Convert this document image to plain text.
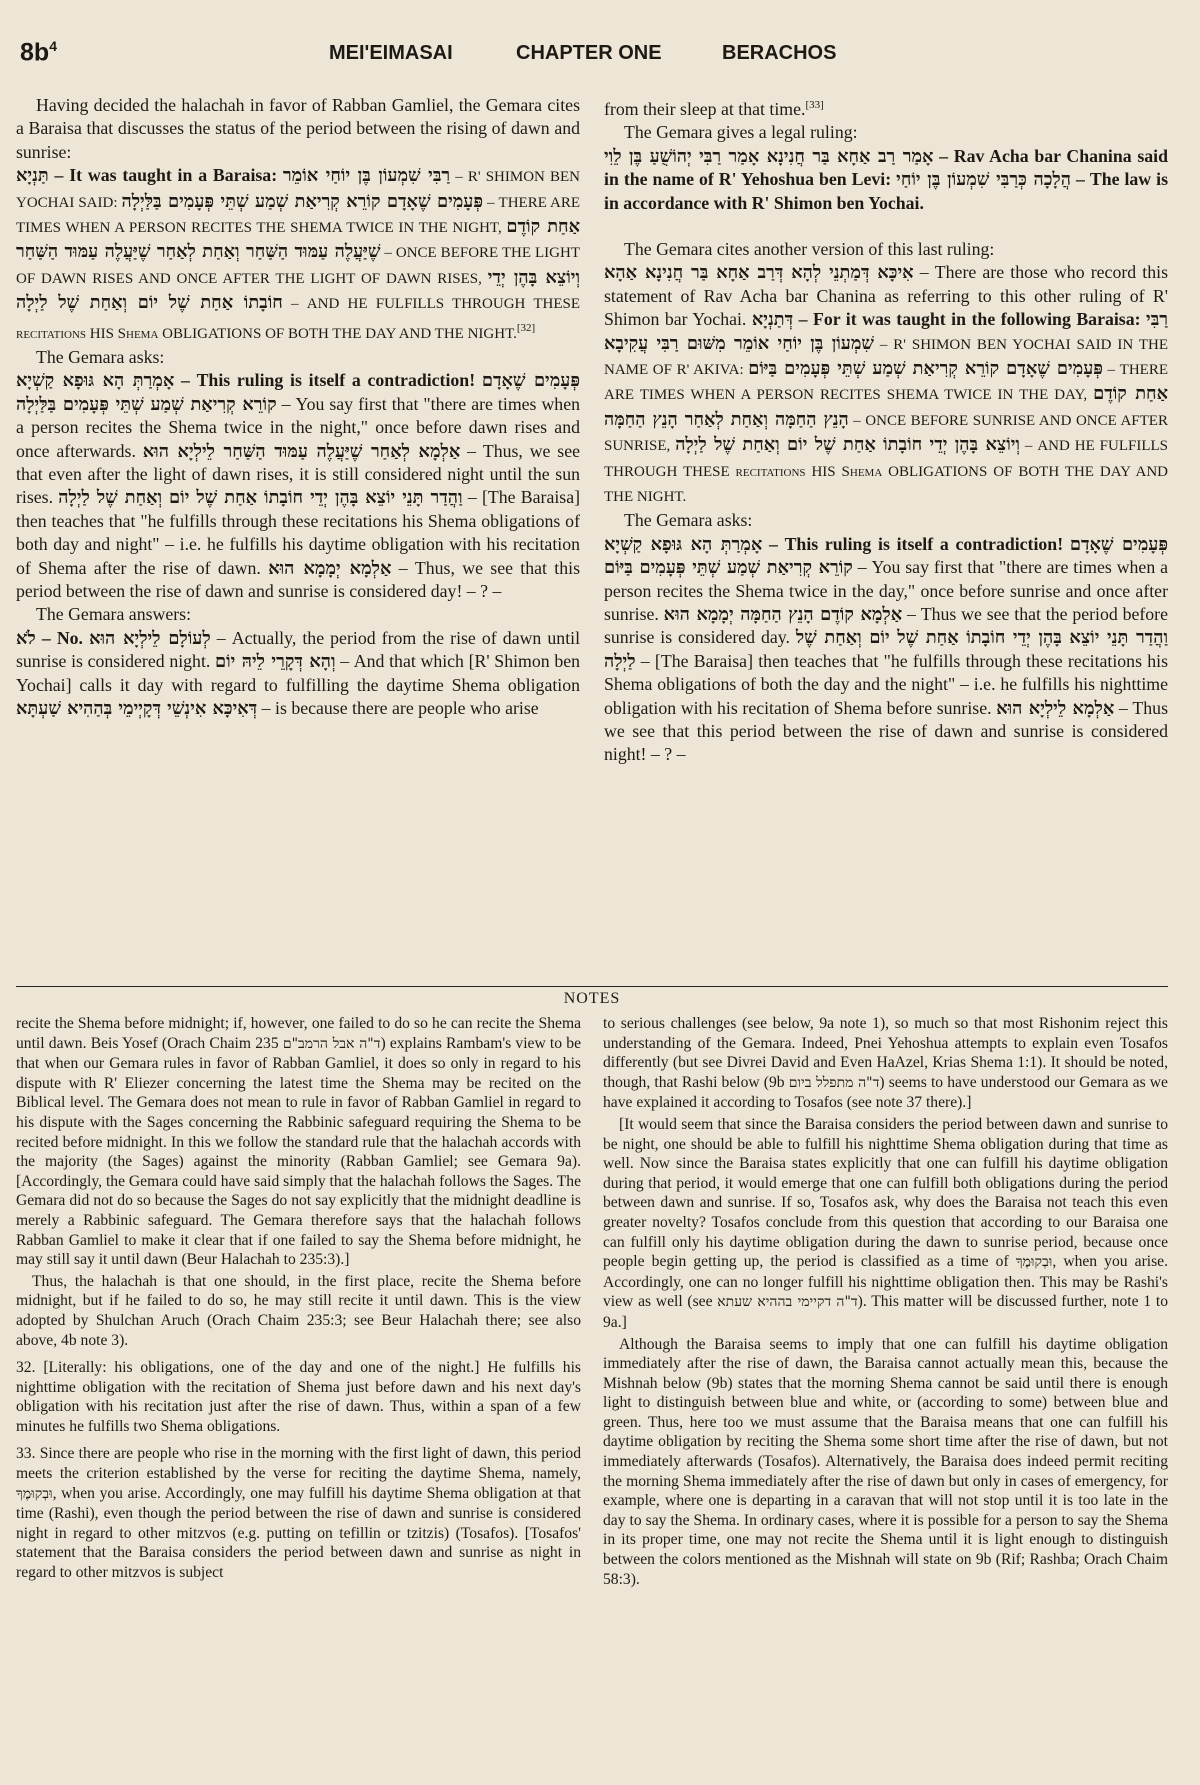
$8b^4$	MEI'EIMASAI	CHAPTER ONE	BERACHOS

Having decided the halachah in favor of Rabban Gamliel, the Gemara cites a Baraisa that discusses the status of the period between the rising of dawn and sunrise:

תַּנְיָא – It was taught in a Baraisa: רַבִּי שִׁמְעוֹן בֶּן יוֹחַי אוֹמֵר – R' SHIMON BEN YOCHAI SAID: פְּעָמִים שֶׁאָדָם קוֹרֵא קְרִיאַת שְׁמַע שְׁתֵּי פְּעָמִים בַּלַּיְלָה – THERE ARE TIMES WHEN A PERSON RECITES THE SHEMA TWICE IN THE NIGHT, אַחַת קוֹדֶם שֶׁיַּעֲלֶה עַמּוּד הַשַּׁחַר וְאַחַת לְאַחַר שֶׁיַּעֲלֶה עַמּוּד הַשַּׁחַר – ONCE BEFORE THE LIGHT OF DAWN RISES AND ONCE AFTER THE LIGHT OF DAWN RISES, וְיוֹצֵא בָּהֶן יְדֵי חוֹבָתוֹ אַחַת שֶׁל יוֹם וְאַחַת שֶׁל לַיְלָה – AND HE FULFILLS THROUGH THESE recitations HIS Shema OBLIGATIONS OF BOTH THE DAY AND THE NIGHT.[32]

The Gemara asks:

אָמְרַתְּ הָא גּוּפָא קַשְׁיָא – This ruling is itself a contradiction! פְּעָמִים שֶׁאָדָם קוֹרֵא קְרִיאַת שְׁמַע שְׁתֵּי פְּעָמִים בַּלַּיְלָה – You say first that "there are times when a person recites the Shema twice in the night," once before dawn rises and once afterwards. אַלְמָא לְאַחַר שֶׁיַּעֲלֶה עַמּוּד הַשַּׁחַר לֵילְיָא הוּא – Thus, we see that even after the light of dawn rises, it is still considered night until the sun rises. וַהֲדַר תָּנֵי יוֹצֵא בָּהֶן יְדֵי חוֹבָתוֹ אַחַת שֶׁל יוֹם וְאַחַת שֶׁל לַיְלָה – [The Baraisa] then teaches that "he fulfills through these recitations his Shema obligations of both day and night" – i.e. he fulfills his daytime obligation with his recitation of Shema after the rise of dawn. אַלְמָא יְמָמָא הוּא – Thus, we see that this period between the rise of dawn and sunrise is considered day! – ? –

The Gemara answers:

לֹא – No. לְעוֹלָם לֵילְיָא הוּא – Actually, the period from the rise of dawn until sunrise is considered night. וְהָא דְּקָרֵי לֵיהּ יוֹם – And that which [R' Shimon ben Yochai] calls it day with regard to fulfilling the daytime Shema obligation דְּאִיכָּא אִינְשֵׁי דְּקָיְימֵי בְּהַהִיא שַׁעְתָּא – is because there are people who arise

from their sleep at that time.[33]

The Gemara gives a legal ruling:

אָמַר רַב אַחָא בַּר חֲנִינָא אָמַר רַבִּי יְהוֹשֻׁעַ בֶּן לֵוִי – Rav Acha bar Chanina said in the name of R' Yehoshua ben Levi: הֲלָכָה כְּרַבִּי שִׁמְעוֹן בֶּן יוֹחַי – The law is in accordance with R' Shimon ben Yochai.

The Gemara cites another version of this last ruling:

אִיכָּא דְּמַתְנֵי לְהָא דְּרַב אַחָא בַּר חֲנִינָא אַהָא – There are those who record this statement of Rav Acha bar Chanina as referring to this other ruling of R' Shimon bar Yochai. דְּתַנְיָא – For it was taught in the following Baraisa: רַבִּי שִׁמְעוֹן בֶּן יוֹחַי אוֹמֵר מִשּׁוּם רַבִּי עֲקִיבָא – R' SHIMON BEN YOCHAI SAID IN THE NAME OF R' AKIVA: פְּעָמִים שֶׁאָדָם קוֹרֵא קְרִיאַת שְׁמַע שְׁתֵּי פְּעָמִים בַּיּוֹם – THERE ARE TIMES WHEN A PERSON RECITES SHEMA TWICE IN THE DAY, אַחַת קוֹדֶם הָנֵץ הַחַמָּה וְאַחַת לְאַחַר הָנֵץ הַחַמָּה – ONCE BEFORE SUNRISE AND ONCE AFTER SUNRISE, וְיוֹצֵא בָּהֶן יְדֵי חוֹבָתוֹ אַחַת שֶׁל יוֹם וְאַחַת שֶׁל לַיְלָה – AND HE FULFILLS THROUGH THESE recitations HIS Shema OBLIGATIONS OF BOTH THE DAY AND THE NIGHT.

The Gemara asks:

אָמְרַתְּ הָא גּוּפָא קַשְׁיָא – This ruling is itself a contradiction! פְּעָמִים שֶׁאָדָם קוֹרֵא קְרִיאַת שְׁמַע שְׁתֵּי פְּעָמִים בַּיּוֹם – You say first that "there are times when a person recites the Shema twice in the day," once before sunrise and once after sunrise. אַלְמָא קוֹדֶם הָנֵץ הַחַמָּה יְמָמָא הוּא – Thus we see that the period before sunrise is considered day. וַהֲדַר תָּנֵי יוֹצֵא בָּהֶן יְדֵי חוֹבָתוֹ אַחַת שֶׁל יוֹם וְאַחַת שֶׁל לַיְלָה – [The Baraisa] then teaches that "he fulfills through these recitations his Shema obligations of both the day and the night" – i.e. he fulfills his nighttime obligation with his recitation of Shema before sunrise. אַלְמָא לֵילְיָא הוּא – Thus we see that this period between the rise of dawn and sunrise is considered night! – ? –

NOTES

recite the Shema before midnight; if, however, one failed to do so he can recite the Shema until dawn. Beis Yosef (Orach Chaim 235 ד"ה אבל הרמב"ם) explains Rambam's view to be that when our Gemara rules in favor of Rabban Gamliel, it does so only in regard to his dispute with R' Eliezer concerning the latest time the Shema may be recited on the Biblical level. The Gemara does not mean to rule in favor of Rabban Gamliel in regard to his dispute with the Sages concerning the Rabbinic safeguard requiring the Shema to be recited before midnight. In this we follow the standard rule that the halachah accords with the majority (the Sages) against the minority (Rabban Gamliel; see Gemara 9a). [Accordingly, the Gemara could have said simply that the halachah follows the Sages. The Gemara did not do so because the Sages do not say explicitly that the midnight deadline is merely a Rabbinic safeguard. The Gemara therefore says that the halachah follows Rabban Gamliel to make it clear that if one failed to say the Shema before midnight, he may still say it until dawn (Beur Halachah to 235:3).]

Thus, the halachah is that one should, in the first place, recite the Shema before midnight, but if he failed to do so, he may still recite it until dawn. This is the view adopted by Shulchan Aruch (Orach Chaim 235:3; see Beur Halachah there; see also above, 4b note 3).

32. [Literally: his obligations, one of the day and one of the night.] He fulfills his nighttime obligation with the recitation of Shema just before dawn and his next day's obligation with his recitation just after the rise of dawn. Thus, within a span of a few minutes he fulfills two Shema obligations.

33. Since there are people who rise in the morning with the first light of dawn, this period meets the criterion established by the verse for reciting the daytime Shema, namely, וּבְקוּמֶךָ, when you arise. Accordingly, one may fulfill his daytime Shema obligation at that time (Rashi), even though the period between the rise of dawn and sunrise is considered night in regard to other mitzvos (e.g. putting on tefillin or tzitzis) (Tosafos). [Tosafos' statement that the Baraisa considers the period between dawn and sunrise as night in regard to other mitzvos is subject

to serious challenges (see below, 9a note 1), so much so that most Rishonim reject this understanding of the Gemara. Indeed, Pnei Yehoshua attempts to explain even Tosafos differently (but see Divrei David and Even HaAzel, Krias Shema 1:1). It should be noted, though, that Rashi below (9b ד"ה מתפלל ביום) seems to have understood our Gemara as we have explained it according to Tosafos (see note 37 there).]

[It would seem that since the Baraisa considers the period between dawn and sunrise to be night, one should be able to fulfill his nighttime Shema obligation during that time as well. Now since the Baraisa states explicitly that one can fulfill his daytime obligation during that period, it would emerge that one can fulfill both obligations during the period between dawn and sunrise. If so, Tosafos ask, why does the Baraisa not teach this even greater novelty? Tosafos conclude from this question that according to our Baraisa one can fulfill only his daytime obligation during the dawn to sunrise period, because once people begin getting up, the period is classified as a time of וּבְקוּמֶךָ, when you arise. Accordingly, one can no longer fulfill his nighttime obligation then. This may be Rashi's view as well (see ד"ה דקיימי בההיא שעתא). This matter will be discussed further, note 1 to 9a.]

Although the Baraisa seems to imply that one can fulfill his daytime obligation immediately after the rise of dawn, the Baraisa cannot actually mean this, because the Mishnah below (9b) states that the morning Shema cannot be said until there is enough light to distinguish between blue and white, or (according to some) between blue and green. Thus, here too we must assume that the Baraisa means that one can fulfill his daytime obligation by reciting the Shema some short time after the rise of dawn, but not immediately afterwards (Tosafos). Alternatively, the Baraisa does indeed permit reciting the morning Shema immediately after the rise of dawn but only in cases of emergency, for example, where one is departing in a caravan that will not stop until it is too late in the day to say the Shema. In ordinary cases, where it is possible for a person to say the Shema in its proper time, one may not recite the Shema until it is light enough to distinguish between the colors mentioned as the Mishnah will state on 9b (Rif; Rashba; Orach Chaim 58:3).
